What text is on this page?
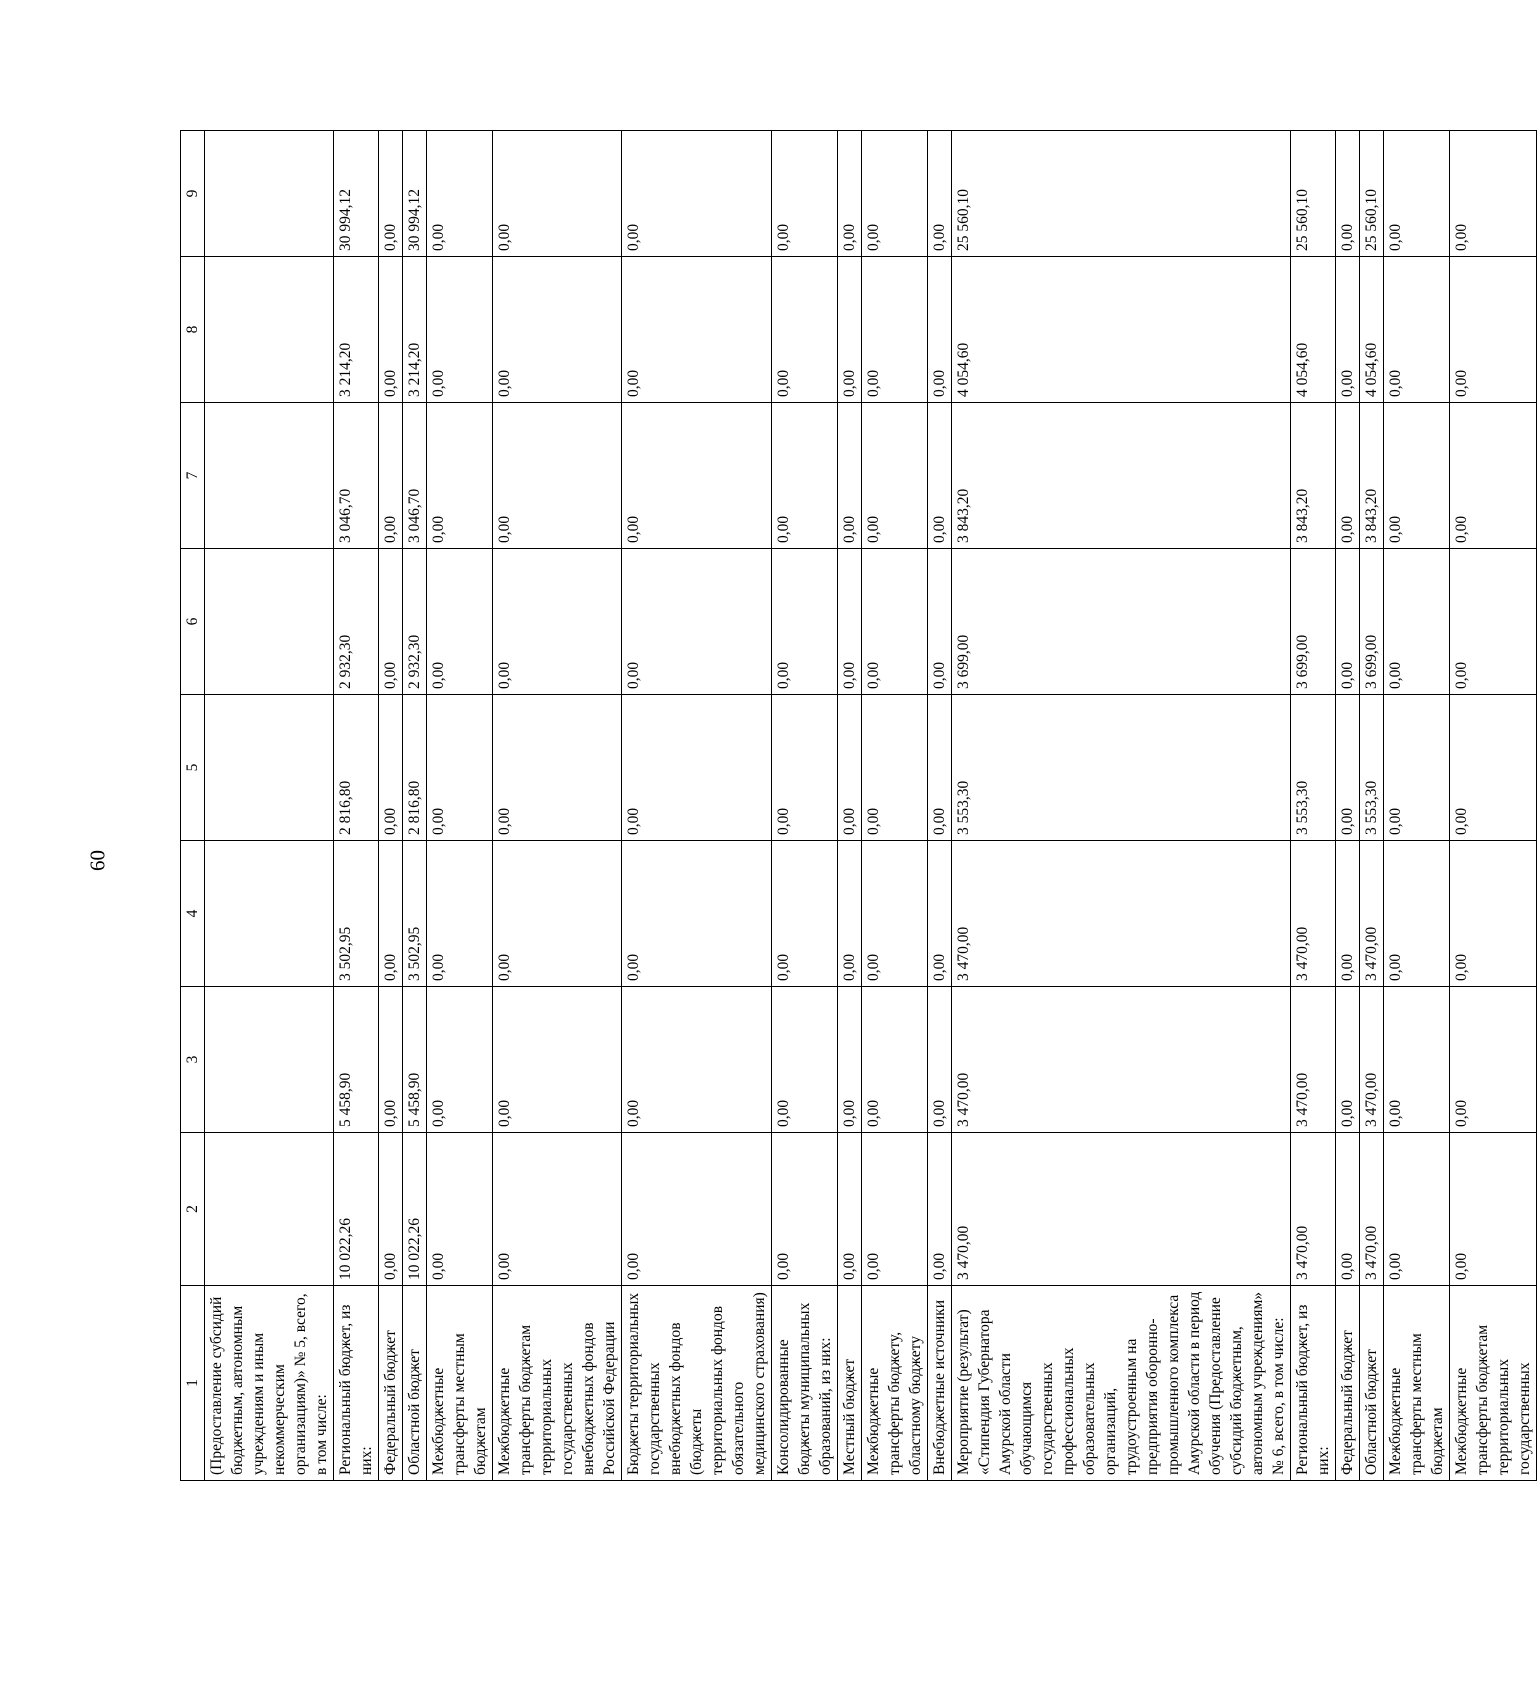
60
1	2	3	4	5	6	7	8	9
(Предоставление субсидий бюджетным, автономным учреждениям и иным некоммерческим организациям)» № 5, всего, в том числе:								
Региональный бюджет, из них:	10 022,26	5 458,90	3 502,95	2 816,80	2 932,30	3 046,70	3 214,20	30 994,12
Федеральный бюджет	0,00	0,00	0,00	0,00	0,00	0,00	0,00	0,00
Областной бюджет	10 022,26	5 458,90	3 502,95	2 816,80	2 932,30	3 046,70	3 214,20	30 994,12
Межбюджетные трансферты местным бюджетам	0,00	0,00	0,00	0,00	0,00	0,00	0,00	0,00
Межбюджетные трансферты бюджетам территориальных государственных внебюджетных фондов Российской Федерации	0,00	0,00	0,00	0,00	0,00	0,00	0,00	0,00
Бюджеты территориальных государственных внебюджетных фондов (бюджеты территориальных фондов обязательного медицинского страхования)	0,00	0,00	0,00	0,00	0,00	0,00	0,00	0,00
Консолидированные бюджеты муниципальных образований, из них:	0,00	0,00	0,00	0,00	0,00	0,00	0,00	0,00
Местный бюджет	0,00	0,00	0,00	0,00	0,00	0,00	0,00	0,00
Межбюджетные трансферты бюджету, областному бюджету	0,00	0,00	0,00	0,00	0,00	0,00	0,00	0,00
Внебюджетные источники	0,00	0,00	0,00	0,00	0,00	0,00	0,00	0,00
Мероприятие (результат) «Стипендия Губернатора Амурской области обучающимся государственных профессиональных образовательных организаций, трудоустроенным на предприятия оборонно-промышленного комплекса Амурской области в период обучения (Предоставление субсидий бюджетным, автономным учреждениям» № 6, всего, в том числе:	3 470,00	3 470,00	3 470,00	3 553,30	3 699,00	3 843,20	4 054,60	25 560,10
Региональный бюджет, из них:	3 470,00	3 470,00	3 470,00	3 553,30	3 699,00	3 843,20	4 054,60	25 560,10
Федеральный бюджет	0,00	0,00	0,00	0,00	0,00	0,00	0,00	0,00
Областной бюджет	3 470,00	3 470,00	3 470,00	3 553,30	3 699,00	3 843,20	4 054,60	25 560,10
Межбюджетные трансферты местным бюджетам	0,00	0,00	0,00	0,00	0,00	0,00	0,00	0,00
Межбюджетные трансферты бюджетам территориальных государственных	0,00	0,00	0,00	0,00	0,00	0,00	0,00	0,00
